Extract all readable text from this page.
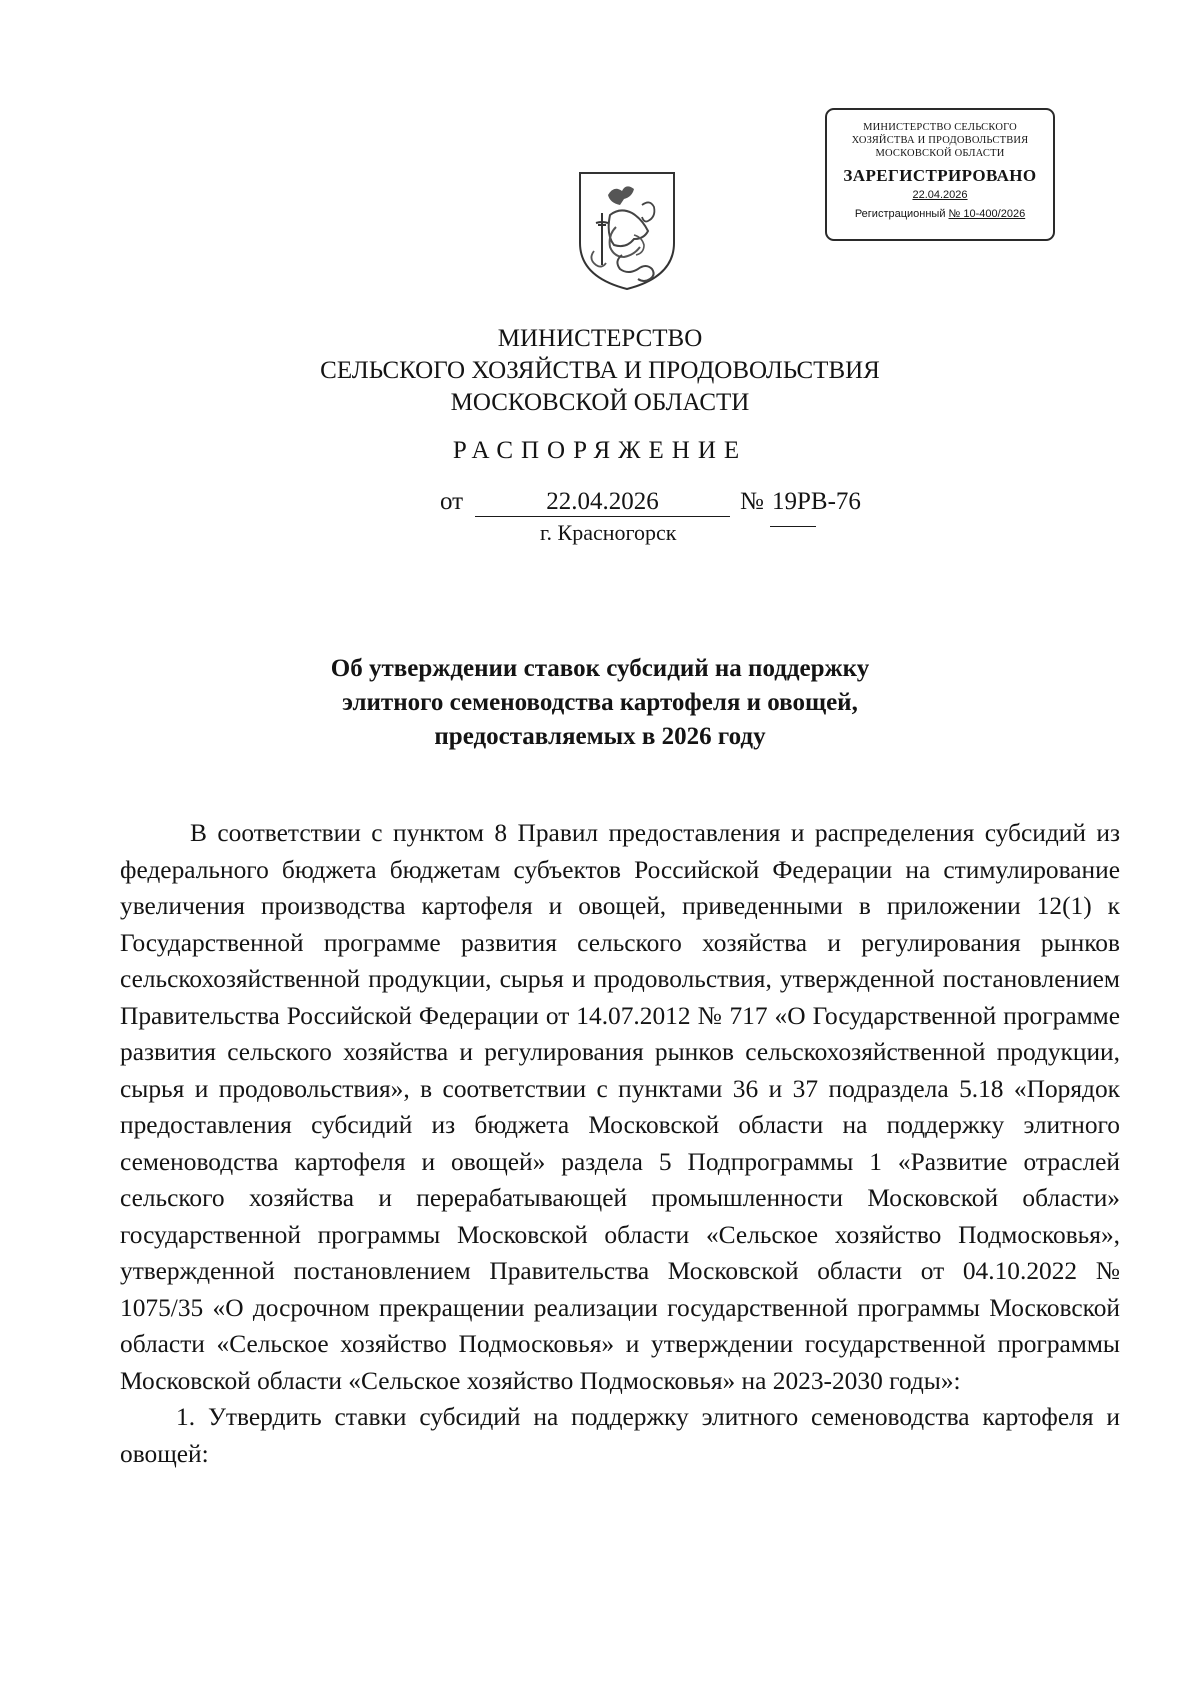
МИНИСТЕРСТВО СЕЛЬСКОГО
ХОЗЯЙСТВА И ПРОДОВОЛЬСТВИЯ
МОСКОВСКОЙ ОБЛАСТИ
ЗАРЕГИСТРИРОВАНО
22.04.2026
Регистрационный № 10-400/2026
МИНИСТЕРСТВО
СЕЛЬСКОГО ХОЗЯЙСТВА И ПРОДОВОЛЬСТВИЯ
МОСКОВСКОЙ ОБЛАСТИ
РАСПОРЯЖЕНИЕ
от	22.04.2026	№ 19РВ-76
г. Красногорск
Об утверждении ставок субсидий на поддержку
элитного семеноводства картофеля и овощей,
предоставляемых в 2026 году

В соответствии с пунктом 8 Правил предоставления и распределения субсидий из федерального бюджета бюджетам субъектов Российской Федерации на стимулирование увеличения производства картофеля и овощей, приведенными в приложении 12(1) к Государственной программе развития сельского хозяйства и регулирования рынков сельскохозяйственной продукции, сырья и продовольствия, утвержденной постановлением Правительства Российской Федерации от 14.07.2012 № 717 «О Государственной программе развития сельского хозяйства и регулирования рынков сельскохозяйственной продукции, сырья и продовольствия», в соответствии с пунктами 36 и 37 подраздела 5.18 «Порядок предоставления субсидий из бюджета Московской области на поддержку элитного семеноводства картофеля и овощей» раздела 5 Подпрограммы 1 «Развитие отраслей сельского хозяйства и перерабатывающей промышленности Московской области» государственной программы Московской области «Сельское хозяйство Подмосковья», утвержденной постановлением Правительства Московской области от 04.10.2022 № 1075/35 «О досрочном прекращении реализации государственной программы Московской области «Сельское хозяйство Подмосковья» и утверждении государственной программы Московской области «Сельское хозяйство Подмосковья» на 2023-2030 годы»:

1. Утвердить ставки субсидий на поддержку элитного семеноводства картофеля и овощей:
